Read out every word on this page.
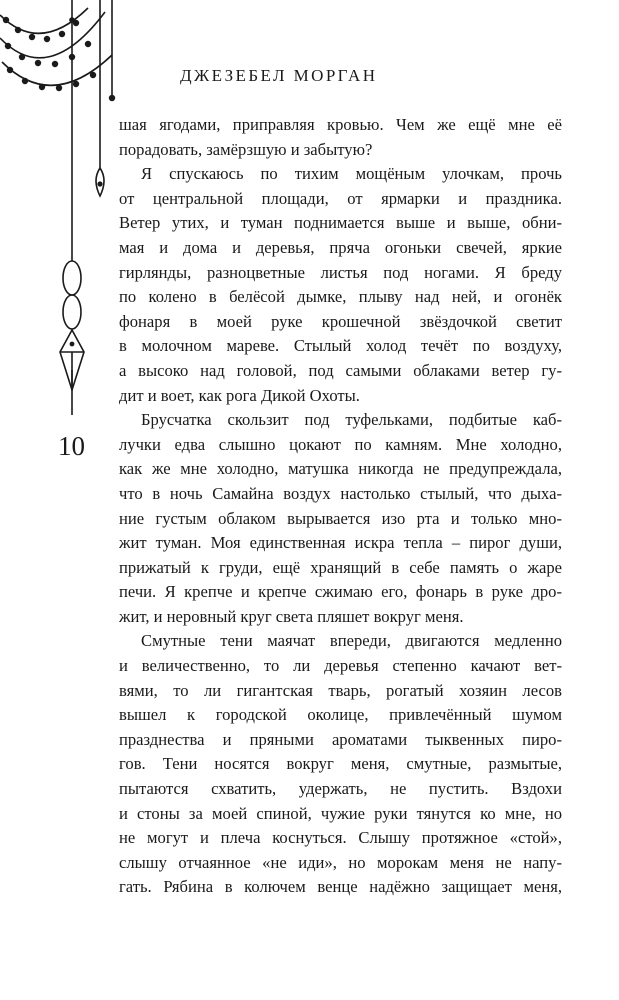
ДЖЕЗЕБЕЛ МОРГАН
10

шая ягодами, приправляя кровью. Чем же ещё мне её
порадовать, замёрзшую и забытую?

Я спускаюсь по тихим мощёным улочкам, прочь
от центральной площади, от ярмарки и праздника.
Ветер утих, и туман поднимается выше и выше, обни-
мая и дома и деревья, пряча огоньки свечей, яркие
гирлянды, разноцветные листья под ногами. Я бреду
по колено в белёсой дымке, плыву над ней, и огонёк
фонаря в моей руке крошечной звёздочкой светит
в молочном мареве. Стылый холод течёт по воздуху,
а высоко над головой, под самыми облаками ветер гу-
дит и воет, как рога Дикой Охоты.

Брусчатка скользит под туфельками, подбитые каб-
лучки едва слышно цокают по камням. Мне холодно,
как же мне холодно, матушка никогда не предупреждала,
что в ночь Самайна воздух настолько стылый, что дыха-
ние густым облаком вырывается изо рта и только мно-
жит туман. Моя единственная искра тепла – пирог души,
прижатый к груди, ещё хранящий в себе память о жаре
печи. Я крепче и крепче сжимаю его, фонарь в руке дро-
жит, и неровный круг света пляшет вокруг меня.

Смутные тени маячат впереди, двигаются медленно
и величественно, то ли деревья степенно качают вет-
вями, то ли гигантская тварь, рогатый хозяин лесов
вышел к городской околице, привлечённый шумом
празднества и пряными ароматами тыквенных пиро-
гов. Тени носятся вокруг меня, смутные, размытые,
пытаются схватить, удержать, не пустить. Вздохи
и стоны за моей спиной, чужие руки тянутся ко мне, но
не могут и плеча коснуться. Слышу протяжное «стой»,
слышу отчаянное «не иди», но морокам меня не напу-
гать. Рябина в колючем венце надёжно защищает меня,
